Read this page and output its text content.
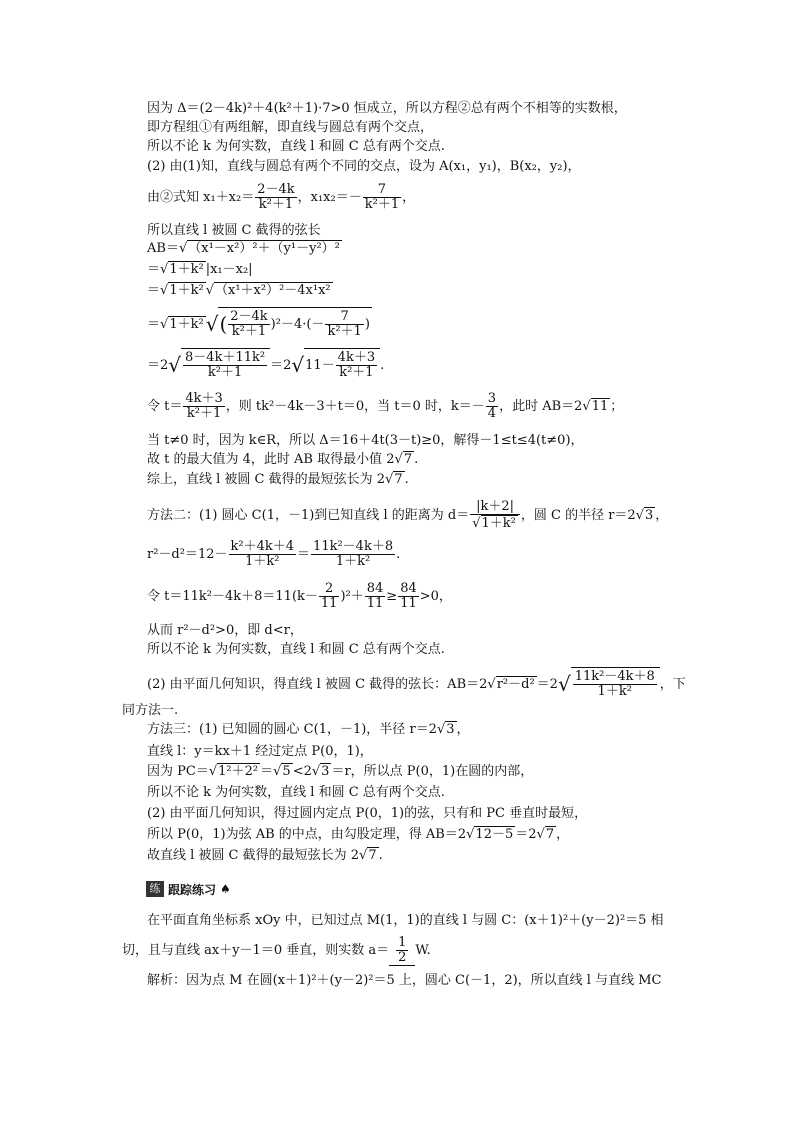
因为 Δ＝(2－4k)²＋4(k²＋1)·7>0 恒成立，所以方程②总有两个不相等的实数根，
即方程组①有两组解，即直线与圆总有两个交点，
所以不论 k 为何实数，直线 l 和圆 C 总有两个交点.
(2) 由(1)知，直线与圆总有两个不同的交点，设为 A(x₁，y₁)，B(x₂，y₂)，
由②式知 $x_1+x_2= \frac{2-4k}{\text{k²＋1}}$ ，$x_1x_2=- \frac{7}{\text{k²＋1}}$ ，
所以直线 l 被圆 C 截得的弦长
AB＝ √ （x¹－x²）²＋（y¹－y²）²
＝ √ 1＋k² |x₁－x₂|
＝ √ 1＋k² √ （x¹＋x²）²－4x¹x²
＝ √ 1＋k² √( $\frac{2-4k}{\text{k²＋1}} )^2-4\cdot(- \frac{7}{\text{k²＋1}}$ )
$=2√ \frac{\text{8－4k＋11k²}}{\text{k²＋1}} =2√11- \frac{4k+3}{\text{k²＋1}}$ .
令 $t= \frac{4k+3}{\text{k²＋1}}$ ，则 tk²－4k－3＋t＝0，当 t＝0 时，$k=- \frac{3}{4}$ ，此时 AB＝2 √ 11 ；
当 t≠0 时，因为 k∈R，所以 Δ＝16＋4t(3－t)≥0，解得－1≤t≤4(t≠0)，
故 t 的最大值为 4，此时 AB 取得最小值 2 √ 7 .
综上，直线 l 被圆 C 截得的最短弦长为 2 √ 7 .
方法二：(1) 圆心 C(1，－1)到已知直线 l 的距离为 d＝ |k＋2|
√ 1＋k² ，圆 C 的半径 r＝2 √ 3 ，
$r^2-d^2=12- \frac{\text{k²＋4k＋4}}{\text{1＋k²}} = \frac{\text{11k²－4k＋8}}{\text{1＋k²}}$ .
令 $t=11k^2-4k+8=11(k- \frac{2}{11} )^2+ \frac{84}{11} \ge \frac{84}{11} >0$，
从而 r²－d²>0，即 d<r，
所以不论 k 为何实数，直线 l 和圆 C 总有两个交点.
(2) 由平面几何知识，得直线 l 被圆 C 截得的弦长：AB＝2 √ $r^2-d^2 =2√ \frac{\text{11k²－4k＋8}}{\text{1＋k²}}$ ，下
同方法一.
方法三：(1) 已知圆的圆心 C(1，－1)，半径 r＝2 √ 3 ，
直线 l：y＝kx＋1 经过定点 P(0，1)，
因为 PC＝ √ 1²＋2² ＝ √ 5 <2 √ 3 ＝r，所以点 P(0，1)在圆的内部，
所以不论 k 为何实数，直线 l 和圆 C 总有两个交点.
(2) 由平面几何知识，得过圆内定点 P(0，1)的弦，只有和 PC 垂直时最短，
所以 P(0，1)为弦 AB 的中点，由勾股定理，得 AB＝2 √ 12－5 ＝2 √ 7 ，
故直线 l 被圆 C 截得的最短弦长为 2 √ 7 .
练 跟踪练习 ♠
在平面直角坐标系 xOy 中，已知过点 M(1，1)的直线 l 与圆 C：(x＋1)²＋(y－2)²＝5 相
切，且与直线 ax＋y－1＝0 垂直，则实数 $a= \frac{1}{2} W$.
解析：因为点 M 在圆(x＋1)²＋(y－2)²＝5 上，圆心 C(－1，2)，所以直线 l 与直线 MC
